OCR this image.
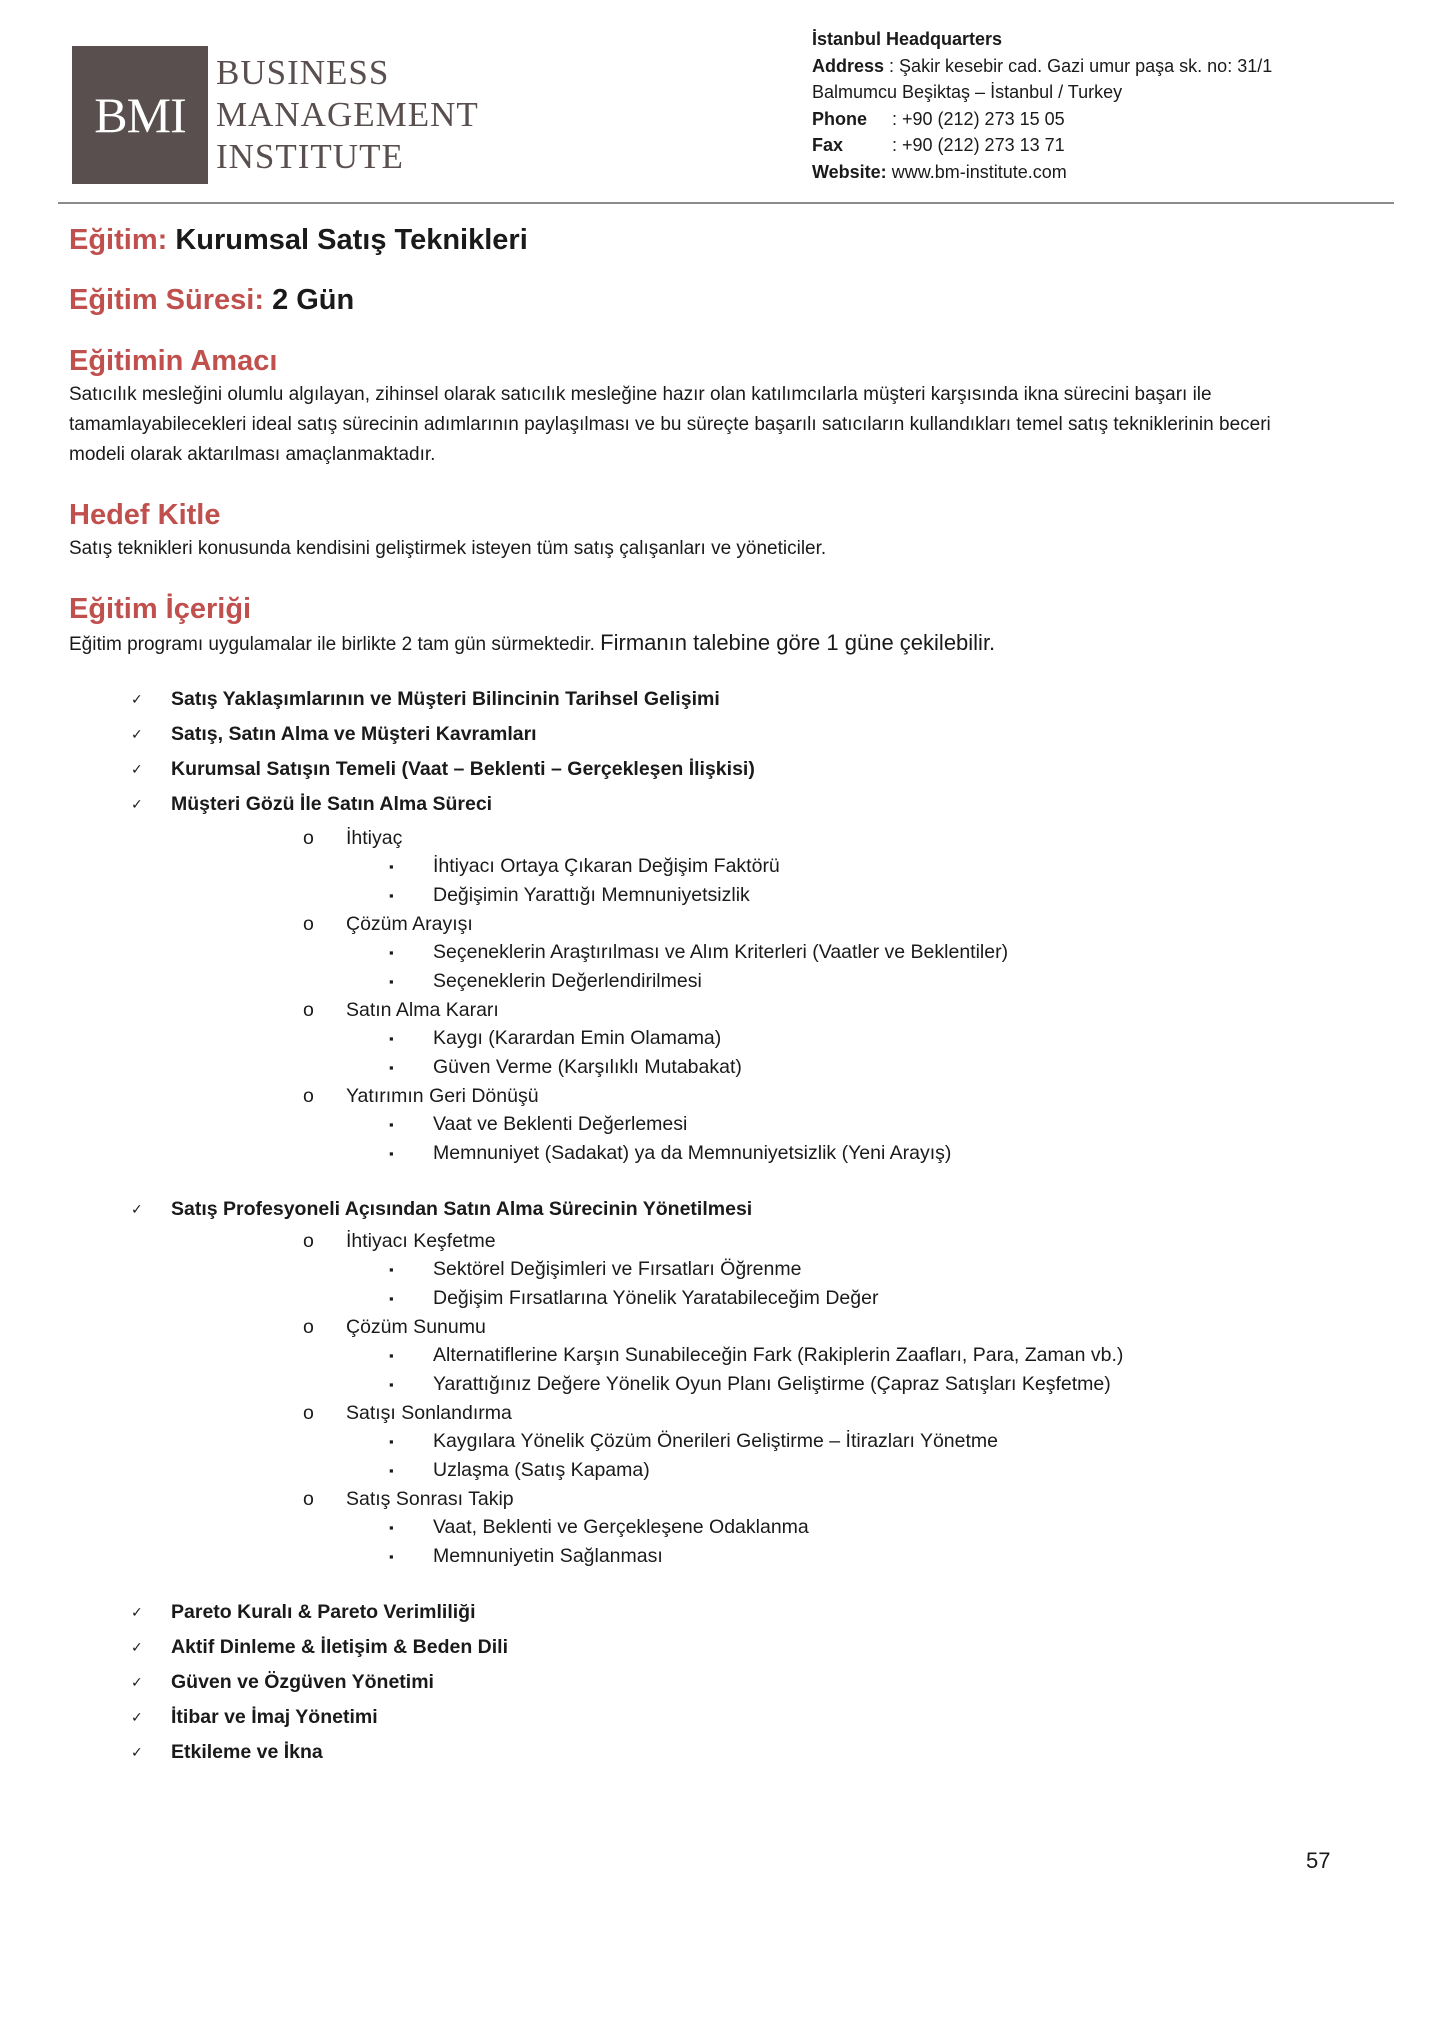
BMI
BUSINESS
MANAGEMENT
INSTITUTE
İstanbul Headquarters
Address : Şakir kesebir cad. Gazi umur paşa sk. no: 31/1
Balmumcu Beşiktaş – İstanbul / Turkey
Phone : +90 (212) 273 15 05
Fax	: +90 (212) 273 13 71
Website: www.bm-institute.com

Eğitim: Kurumsal Satış Teknikleri

Eğitim Süresi: 2 Gün

Eğitimin Amacı

Satıcılık mesleğini olumlu algılayan, zihinsel olarak satıcılık mesleğine hazır olan katılımcılarla müşteri karşısında ikna sürecini başarı ile tamamlayabilecekleri ideal satış sürecinin adımlarının paylaşılması ve bu süreçte başarılı satıcıların kullandıkları temel satış tekniklerinin beceri modeli olarak aktarılması amaçlanmaktadır.

Hedef Kitle

Satış teknikleri konusunda kendisini geliştirmek isteyen tüm satış çalışanları ve yöneticiler.

Eğitim İçeriği

Eğitim programı uygulamalar ile birlikte 2 tam gün sürmektedir. Firmanın talebine göre 1 güne çekilebilir.

✓ Satış Yaklaşımlarının ve Müşteri Bilincinin Tarihsel Gelişimi
✓ Satış, Satın Alma ve Müşteri Kavramları
✓ Kurumsal Satışın Temeli (Vaat – Beklenti – Gerçekleşen İlişkisi)
✓ Müşteri Gözü İle Satın Alma Süreci
o İhtiyaç
▪ İhtiyacı Ortaya Çıkaran Değişim Faktörü
▪ Değişimin Yarattığı Memnuniyetsizlik
o Çözüm Arayışı
▪ Seçeneklerin Araştırılması ve Alım Kriterleri (Vaatler ve Beklentiler)
▪ Seçeneklerin Değerlendirilmesi
o Satın Alma Kararı
▪ Kaygı (Karardan Emin Olamama)
▪ Güven Verme (Karşılıklı Mutabakat)
o Yatırımın Geri Dönüşü
▪ Vaat ve Beklenti Değerlemesi
▪ Memnuniyet (Sadakat) ya da Memnuniyetsizlik (Yeni Arayış)
✓ Satış Profesyoneli Açısından Satın Alma Sürecinin Yönetilmesi
o İhtiyacı Keşfetme
▪ Sektörel Değişimleri ve Fırsatları Öğrenme
▪ Değişim Fırsatlarına Yönelik Yaratabileceğim Değer
o Çözüm Sunumu
▪ Alternatiflerine Karşın Sunabileceğin Fark (Rakiplerin Zaafları, Para, Zaman vb.)
▪ Yarattığınız Değere Yönelik Oyun Planı Geliştirme (Çapraz Satışları Keşfetme)
o Satışı Sonlandırma
▪ Kaygılara Yönelik Çözüm Önerileri Geliştirme – İtirazları Yönetme
▪ Uzlaşma (Satış Kapama)
o Satış Sonrası Takip
▪ Vaat, Beklenti ve Gerçekleşene Odaklanma
▪ Memnuniyetin Sağlanması
✓ Pareto Kuralı & Pareto Verimliliği
✓ Aktif Dinleme & İletişim & Beden Dili
✓ Güven ve Özgüven Yönetimi
✓ İtibar ve İmaj Yönetimi
✓ Etkileme ve İkna
57
